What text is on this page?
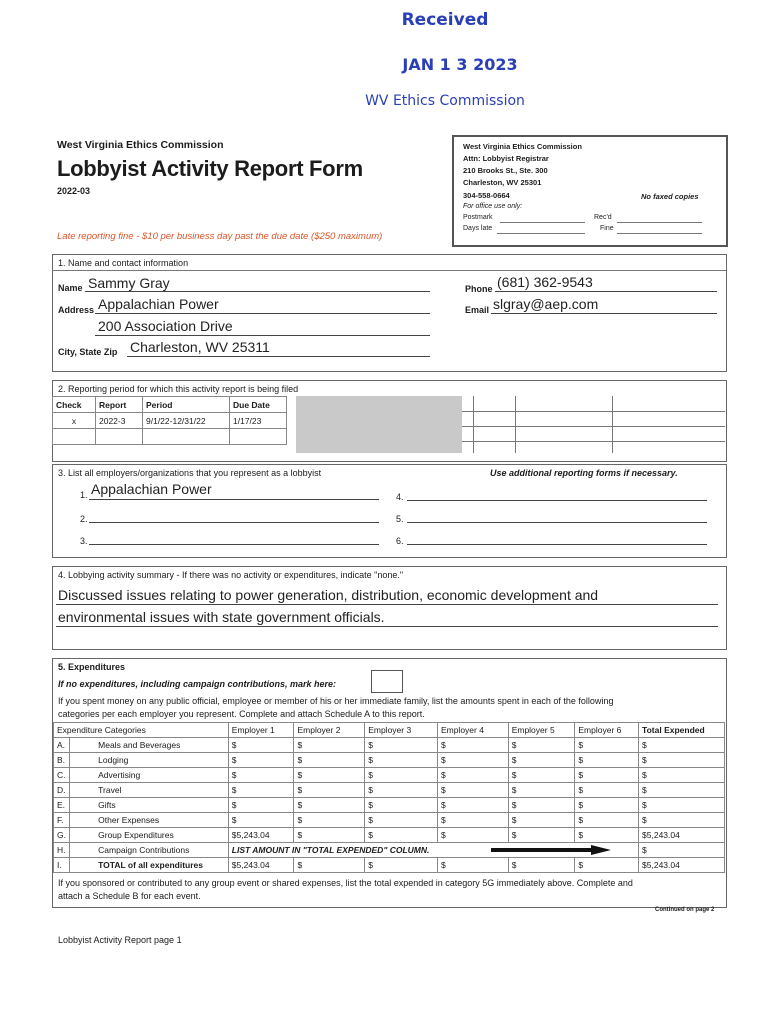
Received
JAN 1 3 2023
WV Ethics Commission
West Virginia Ethics Commission
Lobbyist Activity Report Form
2022-03
Late reporting fine - $10 per business day past the due date ($250 maximum)
West Virginia Ethics Commission
Attn: Lobbyist Registrar
210 Brooks St., Ste. 300
Charleston, WV 25301
304-558-0664	No faxed copies
For office use only:
Postmark	Rec'd
Days late	Fine
1. Name and contact information
Name Sammy Gray
Address Appalachian Power
200 Association Drive
City, State Zip Charleston, WV 25311
Phone (681) 362-9543
Email slgray@aep.com
2. Reporting period for which this activity report is being filed
Check	Report	Period	Due Date
x	2022-3	9/1/22-12/31/22	1/17/23

3. List all employers/organizations that you represent as a lobbyist	Use additional reporting forms if necessary.
1. Appalachian Power
2.
3.
4.
5.
6.
4. Lobbying activity summary - If there was no activity or expenditures, indicate "none."
Discussed issues relating to power generation, distribution, economic development and
environmental issues with state government officials.
5. Expenditures
If no expenditures, including campaign contributions, mark here:
If you spent money on any public official, employee or member of his or her immediate family, list the amounts spent in each of the following
categories per each employer you represent. Complete and attach Schedule A to this report.
Expenditure Categories		Employer 1	Employer 2	Employer 3	Employer 4	Employer 5	Employer 6	Total Expended
A.	Meals and Beverages	$	$	$	$	$	$	$
B.	Lodging	$	$	$	$	$	$	$
C.	Advertising	$	$	$	$	$	$	$
D.	Travel	$	$	$	$	$	$	$
E.	Gifts	$	$	$	$	$	$	$
F.	Other Expenses	$	$	$	$	$	$	$
G.	Group Expenditures	$5,243.04	$	$	$	$	$	$5,243.04
H.	Campaign Contributions	LIST AMOUNT IN "TOTAL EXPENDED" COLUMN.						$
I.	TOTAL of all expenditures	$5,243.04	$	$	$	$	$	$5,243.04
If you sponsored or contributed to any group event or shared expenses, list the total expended in category 5G immediately above. Complete and
attach a Schedule B for each event.
Continued on page 2
Lobbyist Activity Report page 1
